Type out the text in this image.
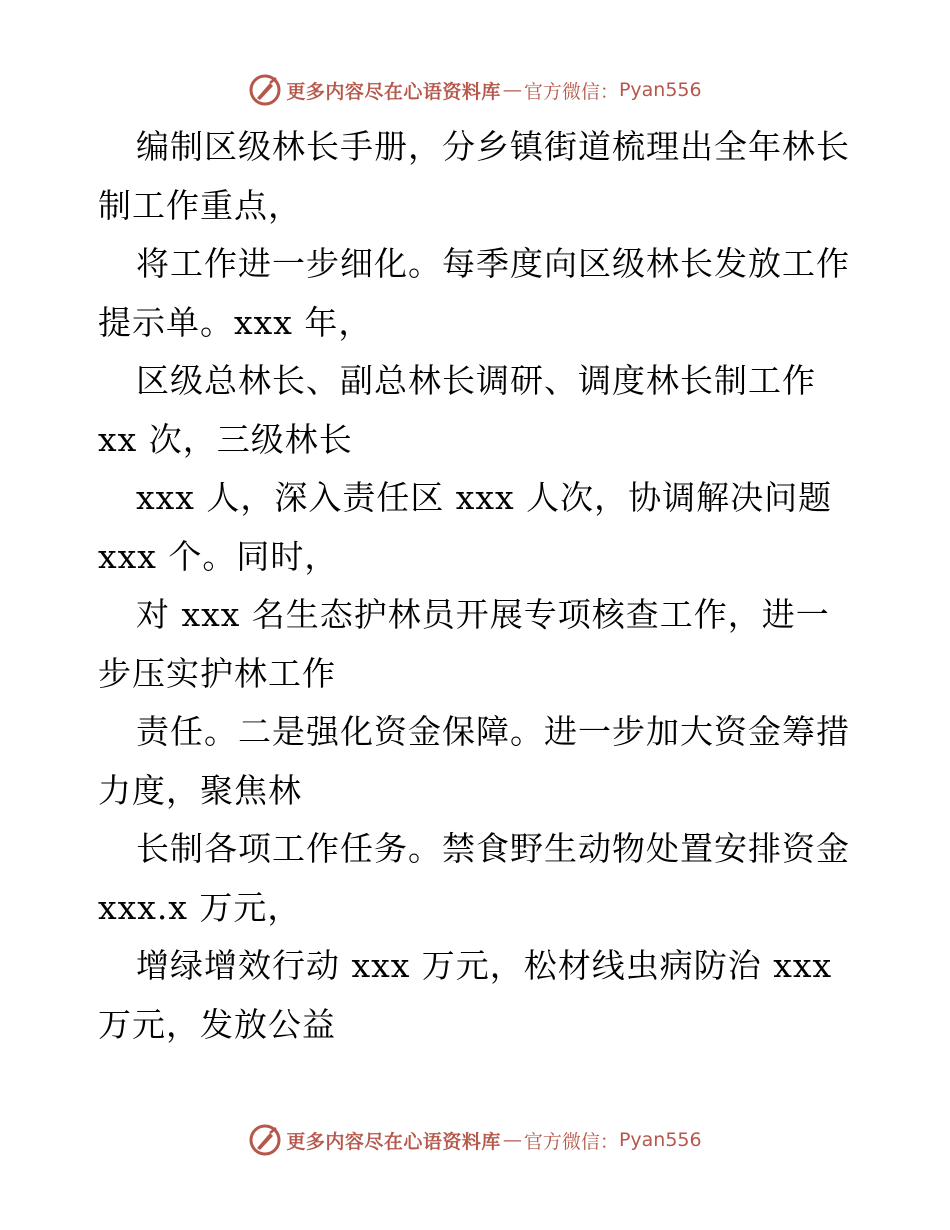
更多内容尽在心语资料库 — 官方微信： Pyan556
编制区级林长手册，分乡镇街道梳理出全年林长
制工作重点，
将工作进一步细化。每季度向区级林长发放工作
提示单。xxx 年，
区级总林长、副总林长调研、调度林长制工作
xx 次，三级林长
xxx 人，深入责任区 xxx 人次，协调解决问题
xxx 个。同时，
对 xxx 名生态护林员开展专项核查工作，进一
步压实护林工作
责任。二是强化资金保障。进一步加大资金筹措
力度，聚焦林
长制各项工作任务。禁食野生动物处置安排资金
xxx.x 万元，
增绿增效行动 xxx 万元，松材线虫病防治 xxx
万元，发放公益
更多内容尽在心语资料库 — 官方微信： Pyan556
